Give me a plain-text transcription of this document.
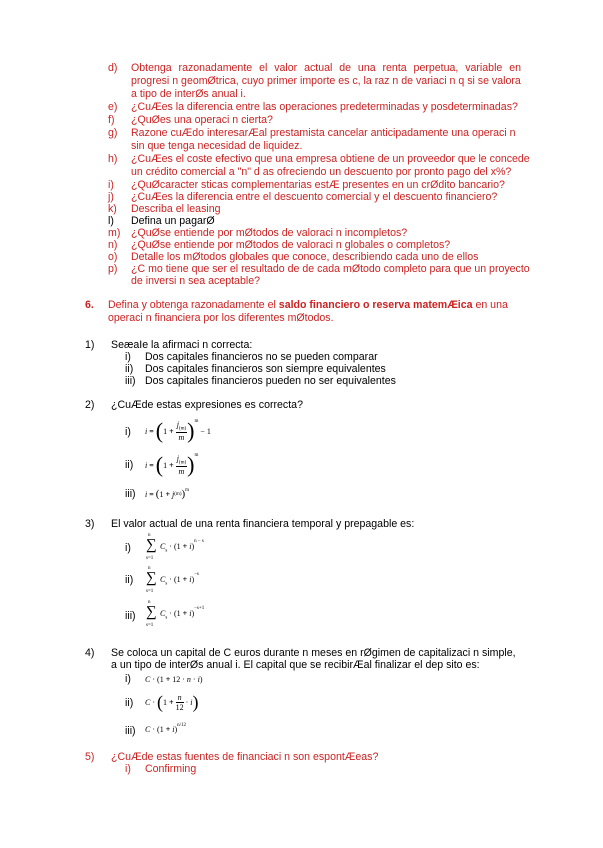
d) Obtenga razonadamente el valor actual de una renta perpetua, variable en
progresi n geomØtrica, cuyo primer importe es c, la raz n de variaci n q si se valora
a tipo de interØs anual i.
e) ¿CuÆes la diferencia entre las operaciones predeterminadas y posdeterminadas?
f) ¿QuØes una operaci n cierta?
g) Razone cuÆdo interesarÆal prestamista cancelar anticipadamente una operaci n
sin que tenga necesidad de liquidez.
h) ¿CuÆes el coste efectivo que una empresa obtiene de un proveedor que le concede
un crédito comercial a "n" d as ofreciendo un descuento por pronto pago del x%?
i) ¿QuØcaracter sticas complementarias estÆ presentes en un crØdito bancario?
j) ¿CuÆes la diferencia entre el descuento comercial y el descuento financiero?
k) Describa el leasing
l) Defina un pagarØ
m) ¿QuØse entiende por mØtodos de valoraci n incompletos?
n) ¿QuØse entiende por mØtodos de valoraci n globales o completos?
o) Detalle los mØtodos globales que conoce, describiendo cada uno de ellos
p) ¿C mo tiene que ser el resultado de de cada mØtodo completo para que un proyecto
de inversi n sea aceptable?
6. Defina y obtenga razonadamente el saldo financiero o reserva matemÆica en una
operaci n financiera por los diferentes mØtodos.
1) SeæaIe la afirmaci n correcta:
i) Dos capitales financieros no se pueden comparar
ii) Dos capitales financieros son siempre equivalentes
iii) Dos capitales financieros pueden no ser equivalentes
2) ¿CuÆde estas expresiones es correcta?
i) i
=
( 1
+
$\frac{j_{(m)}}{m} )^m$

−
1
ii) i
=
( 1
+
$\frac{j_{(m)}}{m} )^m$
iii) i
=
( 1
+
j (m) )$^m$
3) El valor actual de una renta financiera temporal y prepagable es:
i)
n
∑
s=1
$C_s \cdot (1 + i)^{n - s}$
ii)
n
∑
s=1
$C_s \cdot (1 + i)^{-s}$
iii)
n
∑
s=1
$C_s \cdot (1 + i)^{-s+1}$
4) Se coloca un capital de C euros durante n meses en rØgimen de capitalizaci n simple,
a un tipo de interØs anual i. El capital que se recibirÆal finalizar el dep sito es:
i) C
· ( 1
+
12
·
n
·
i )
ii) C
·
( 1
+
$\frac{n}{12}$
·
i )
iii) C
· ( 1
+
i )$^{n/12}$
5) ¿CuÆde estas fuentes de financiaci n son espontÆeas?
i) Confirming
